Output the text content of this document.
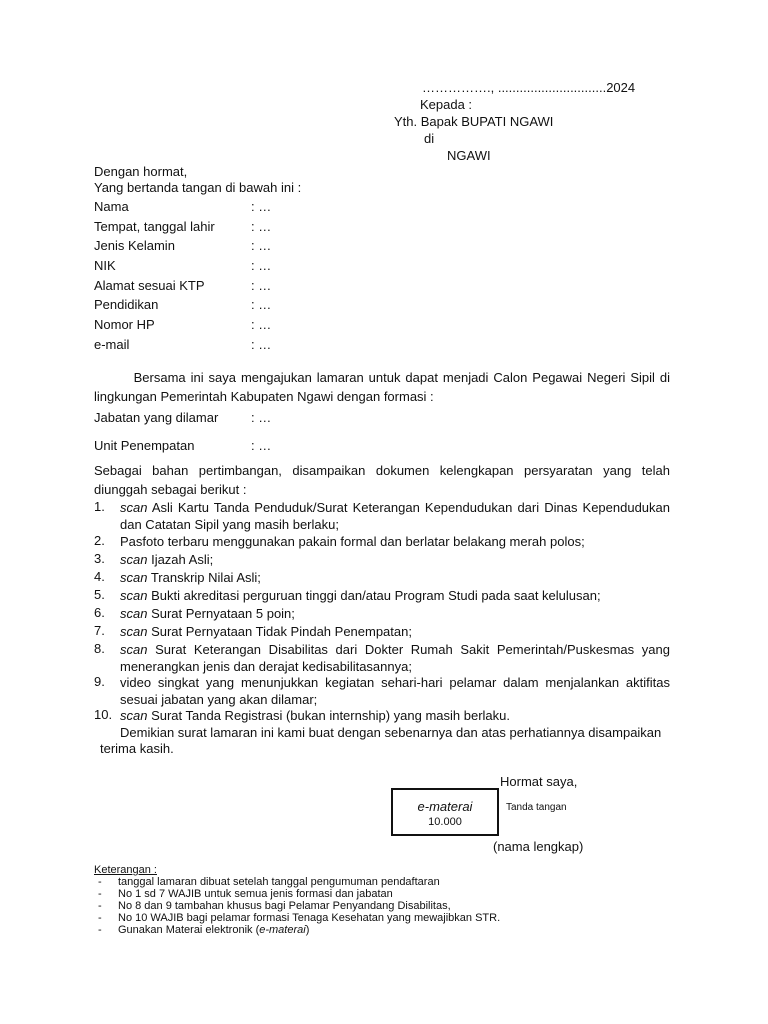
……………., ..............................2024
Kepada :
Yth. Bapak BUPATI NGAWI
di
NGAWI
Dengan hormat,
Yang bertanda tangan di bawah ini :
Nama	: …
Tempat, tanggal lahir	: …
Jenis Kelamin	: …
NIK	: …
Alamat sesuai KTP	: …
Pendidikan	: …
Nomor HP	: …
e-mail	: …
Bersama ini saya mengajukan lamaran untuk dapat menjadi Calon Pegawai Negeri Sipil di lingkungan Pemerintah Kabupaten Ngawi dengan formasi :
Jabatan yang dilamar	: …
Unit Penempatan	: …
Sebagai bahan pertimbangan, disampaikan dokumen kelengkapan persyaratan yang telah diunggah sebagai berikut :
1. scan Asli Kartu Tanda Penduduk/Surat Keterangan Kependudukan dari Dinas Kependudukan dan Catatan Sipil yang masih berlaku;
2. Pasfoto terbaru menggunakan pakain formal dan berlatar belakang merah polos;
3. scan Ijazah Asli;
4. scan Transkrip Nilai Asli;
5. scan Bukti akreditasi perguruan tinggi dan/atau Program Studi pada saat kelulusan;
6. scan Surat Pernyataan 5 poin;
7. scan Surat Pernyataan Tidak Pindah Penempatan;
8. scan Surat Keterangan Disabilitas dari Dokter Rumah Sakit Pemerintah/Puskesmas yang menerangkan jenis dan derajat kedisabilitasannya;
9. video singkat yang menunjukkan kegiatan sehari-hari pelamar dalam menjalankan aktifitas sesuai jabatan yang akan dilamar;
10. scan Surat Tanda Registrasi (bukan internship) yang masih berlaku.
Demikian surat lamaran ini kami buat dengan sebenarnya dan atas perhatiannya disampaikan
terima kasih.
Hormat saya,
e-materai
10.000
Tanda tangan
(nama lengkap)
Keterangan :
- tanggal lamaran dibuat setelah tanggal pengumuman pendaftaran
- No 1 sd 7 WAJIB untuk semua jenis formasi dan jabatan
- No 8 dan 9 tambahan khusus bagi Pelamar Penyandang Disabilitas,
- No 10 WAJIB bagi pelamar formasi Tenaga Kesehatan yang mewajibkan STR.
- Gunakan Materai elektronik (e-materai)
